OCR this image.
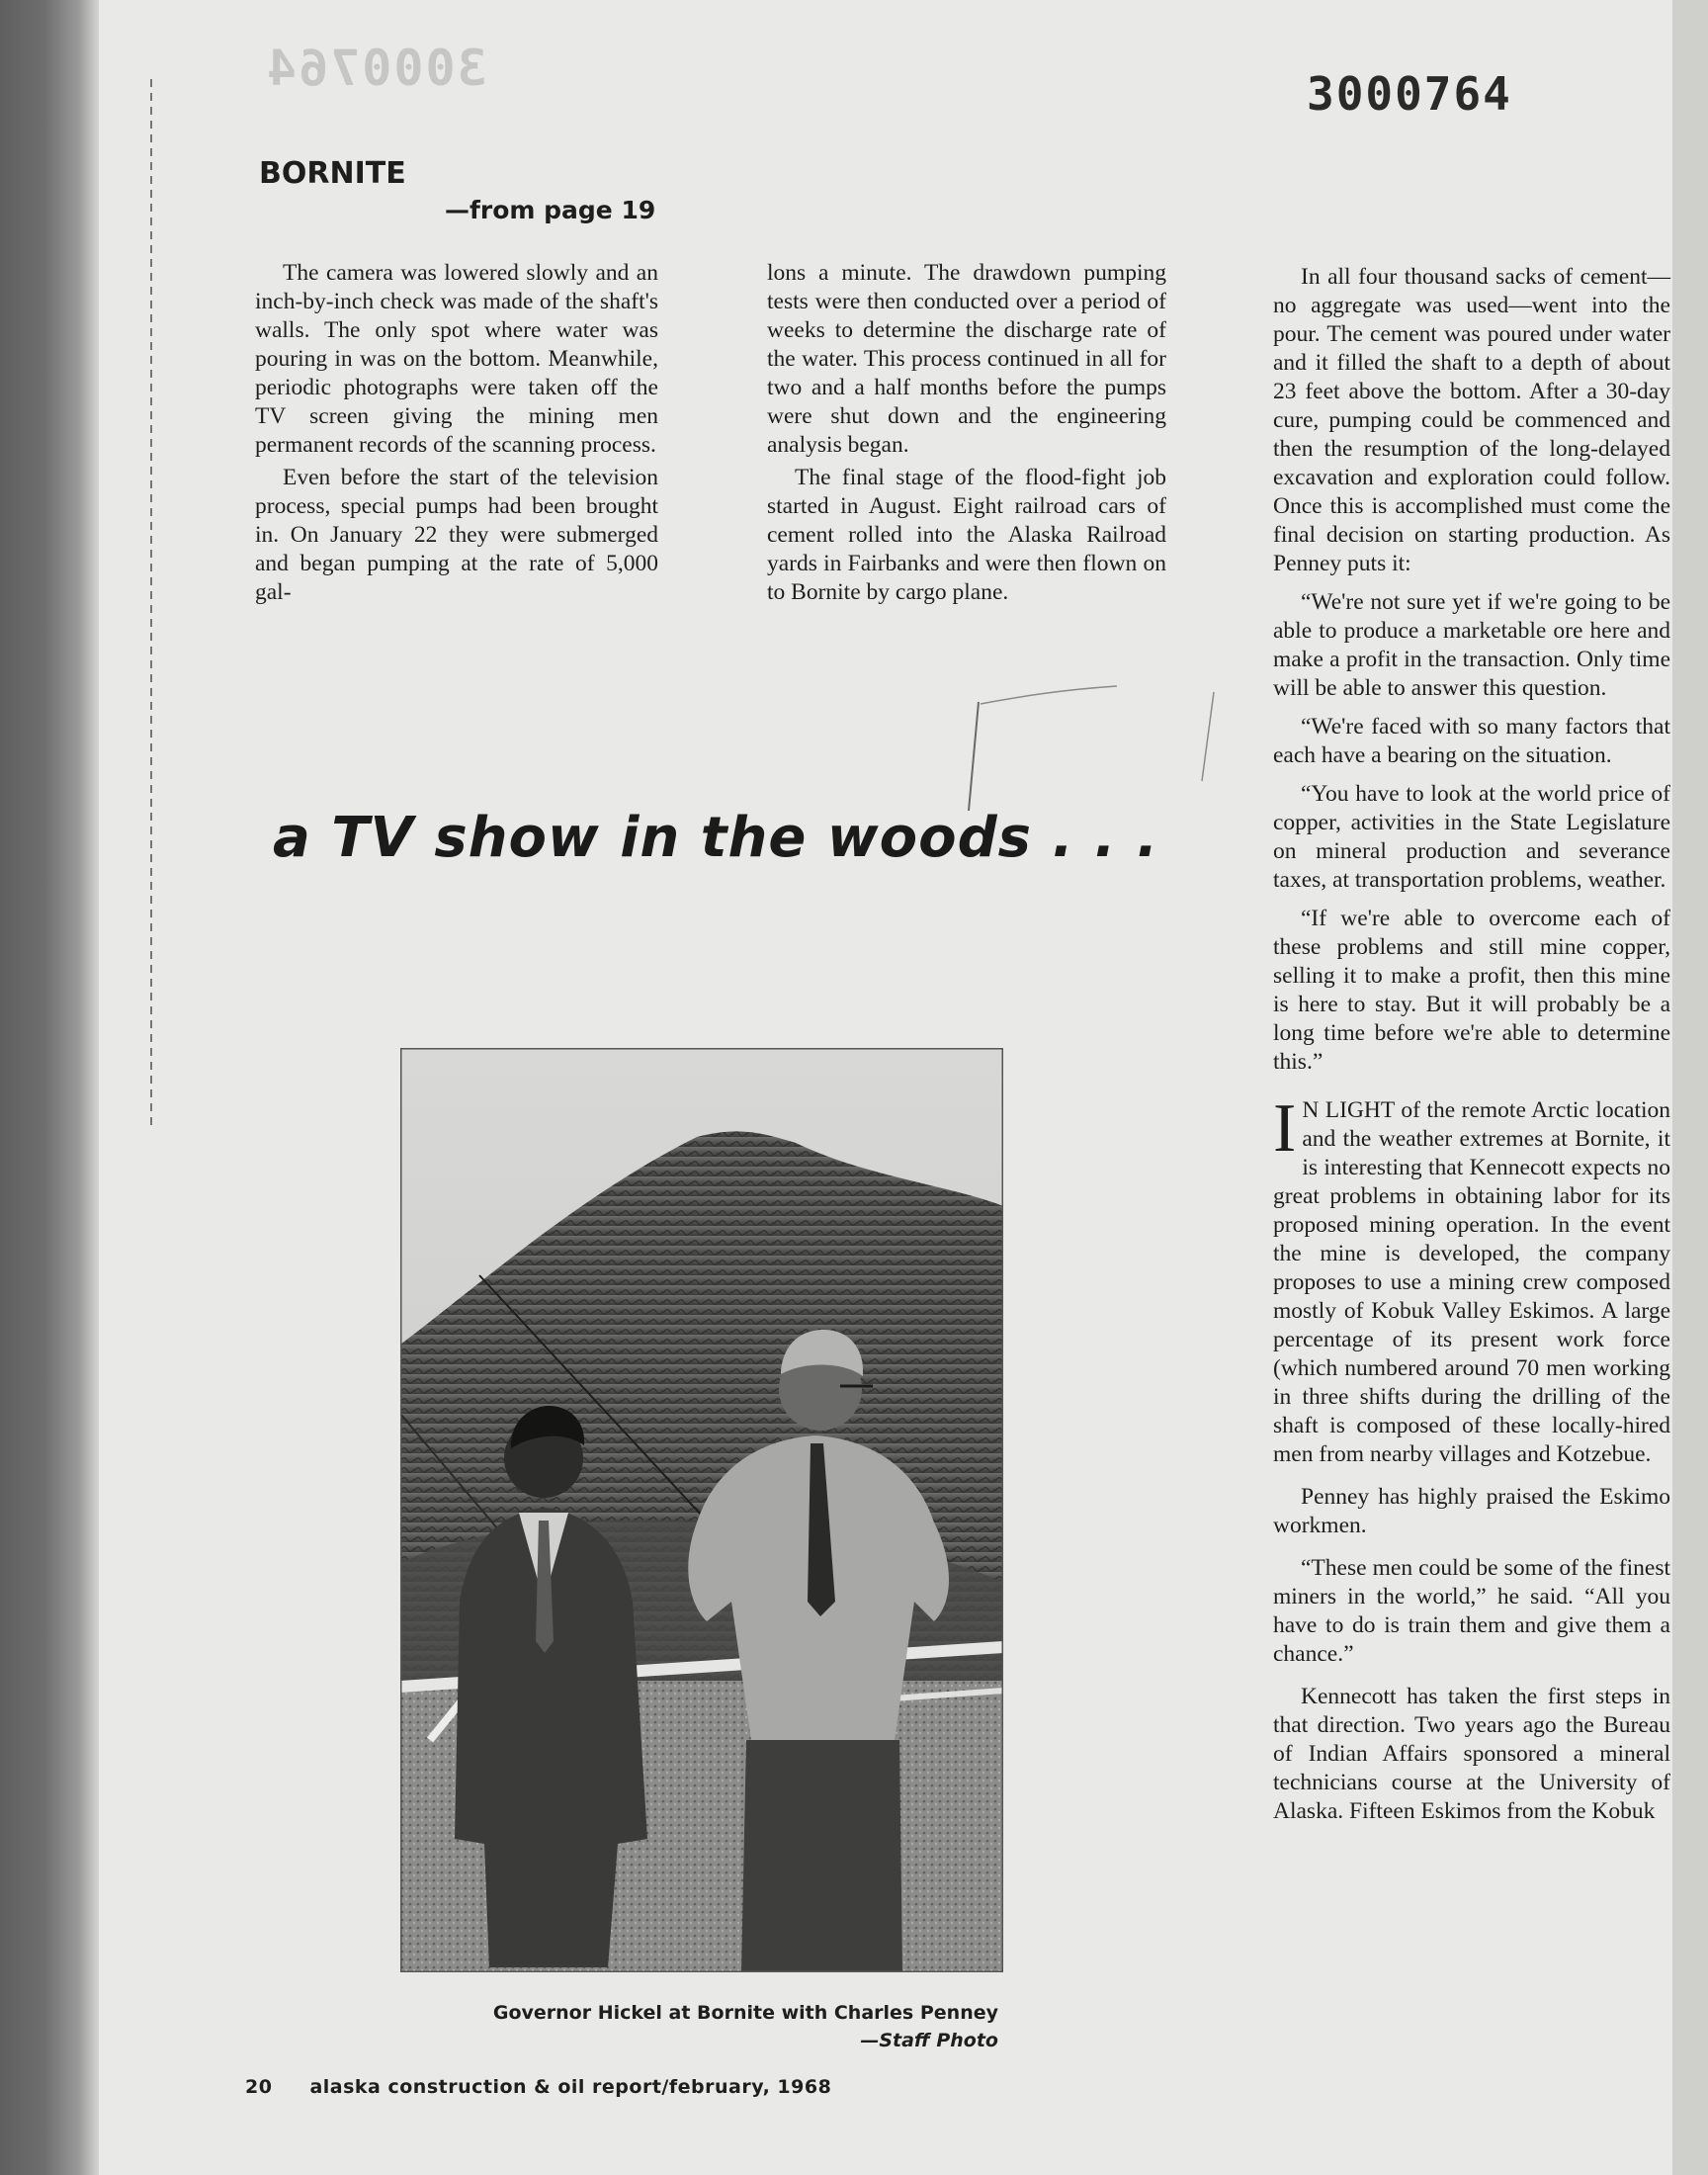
3000764	3000764
BORNITE
—from page 19

The camera was lowered slowly and an inch-by-inch check was made of the shaft's walls. The only spot where water was pouring in was on the bottom. Meanwhile, periodic photographs were taken off the TV screen giving the mining men permanent records of the scanning process.

Even before the start of the television process, special pumps had been brought in. On January 22 they were submerged and began pumping at the rate of 5,000 gal-

lons a minute. The drawdown pumping tests were then conducted over a period of weeks to determine the discharge rate of the water. This process continued in all for two and a half months before the pumps were shut down and the engineering analysis began.

The final stage of the flood-fight job started in August. Eight railroad cars of cement rolled into the Alaska Railroad yards in Fairbanks and were then flown on to Bornite by cargo plane.

In all four thousand sacks of cement—no aggregate was used—went into the pour. The cement was poured under water and it filled the shaft to a depth of about 23 feet above the bottom. After a 30-day cure, pumping could be commenced and then the resumption of the long-delayed excavation and exploration could follow. Once this is accomplished must come the final decision on starting production. As Penney puts it:

“We're not sure yet if we're going to be able to produce a marketable ore here and make a profit in the transaction. Only time will be able to answer this question.

“We're faced with so many factors that each have a bearing on the situation.

“You have to look at the world price of copper, activities in the State Legislature on mineral production and severance taxes, at transportation problems, weather.

“If we're able to overcome each of these problems and still mine copper, selling it to make a profit, then this mine is here to stay. But it will probably be a long time before we're able to determine this.”

I N LIGHT of the remote Arctic location and the weather extremes at Bornite, it is interesting that Kennecott expects no great problems in obtaining labor for its proposed mining operation. In the event the mine is developed, the company proposes to use a mining crew composed mostly of Kobuk Valley Eskimos. A large percentage of its present work force (which numbered around 70 men working in three shifts during the drilling of the shaft is composed of these locally-hired men from nearby villages and Kotzebue.

Penney has highly praised the Eskimo workmen.

“These men could be some of the finest miners in the world,” he said. “All you have to do is train them and give them a chance.”

Kennecott has taken the first steps in that direction. Two years ago the Bureau of Indian Affairs sponsored a mineral technicians course at the University of Alaska. Fifteen Eskimos from the Kobuk

a TV show in the woods . . .
Governor Hickel at Bornite with Charles Penney
—Staff Photo
20 alaska construction & oil report/february, 1968
